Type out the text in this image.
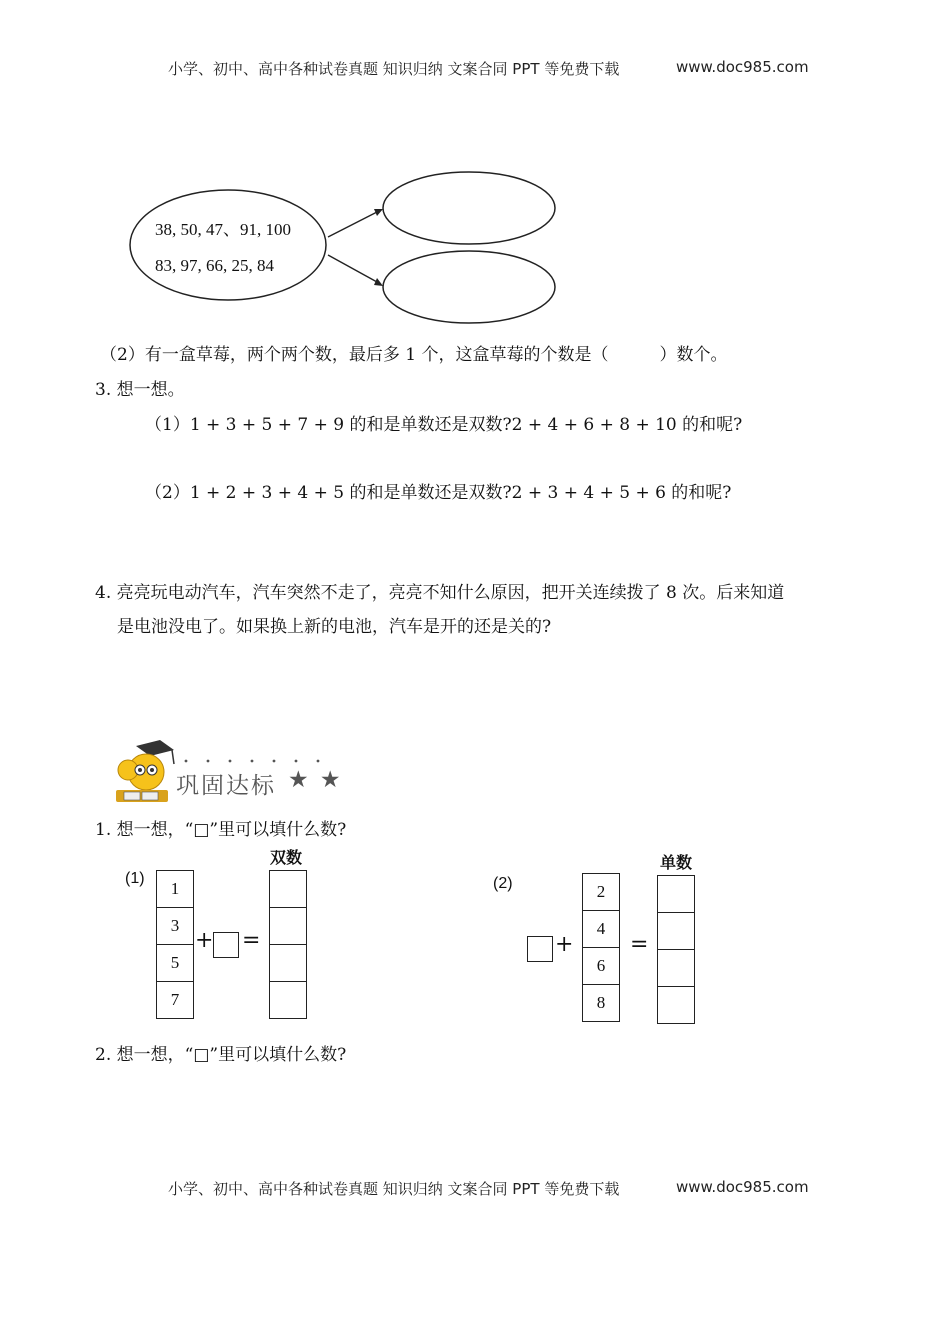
小学、初中、高中各种试卷真题 知识归纳 文案合同 PPT 等免费下载	www.doc985.com
38, 50, 47、91, 100
83, 97, 66, 25, 84
（2）有一盒草莓，两个两个数，最后多 1 个，这盒草莓的个数是（　　　）数个。
3. 想一想。
（1）1 + 3 + 5 + 7 + 9 的和是单数还是双数?2 + 4 + 6 + 8 + 10 的和呢?
（2）1 + 2 + 3 + 4 + 5 的和是单数还是双数?2 + 3 + 4 + 5 + 6 的和呢?
4. 亮亮玩电动汽车，汽车突然不走了，亮亮不知什么原因，把开关连续拨了 8 次。后来知道
是电池没电了。如果换上新的电池，汽车是开的还是关的?
巩固达标 ★ ★
1. 想一想，“□”里可以填什么数?
(1)
1
3
5
7
+ =
双数
(2)
+
2
4
6
8
=
单数
2. 想一想，“□”里可以填什么数?
小学、初中、高中各种试卷真题 知识归纳 文案合同 PPT 等免费下载	www.doc985.com
